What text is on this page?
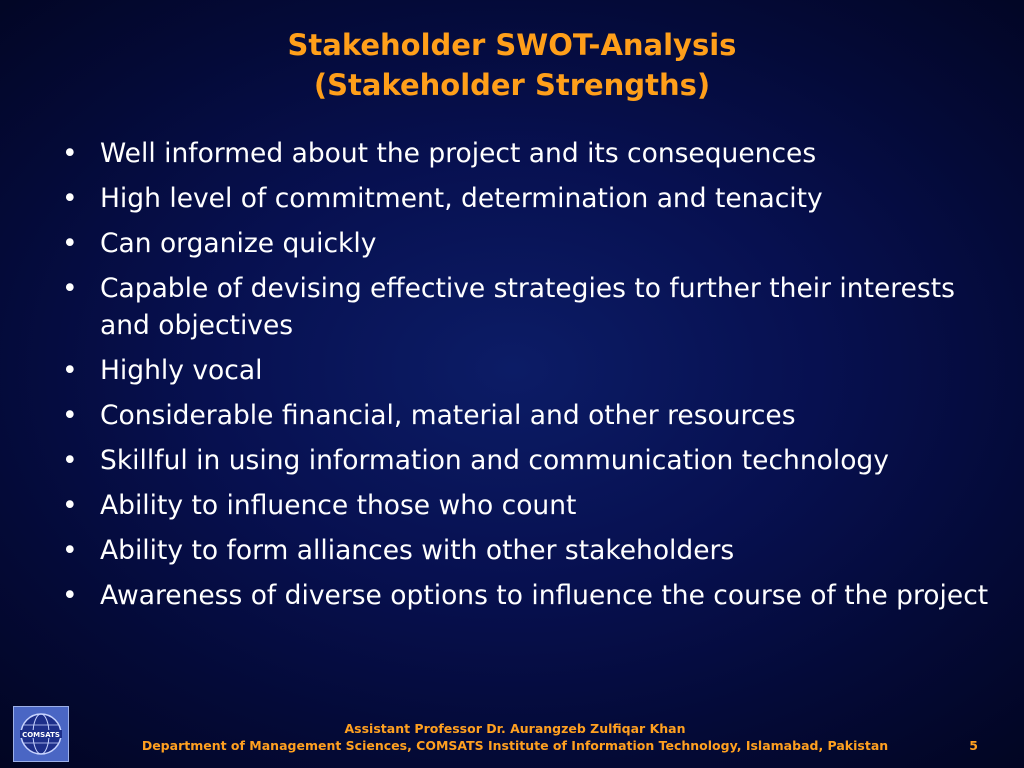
Stakeholder SWOT-Analysis
(Stakeholder Strengths)
• Well informed about the project and its consequences
• High level of commitment, determination and tenacity
• Can organize quickly
• Capable of devising effective strategies to further their interests and objectives
• Highly vocal
• Considerable financial, material and other resources
• Skillful in using information and communication technology
• Ability to influence those who count
• Ability to form alliances with other stakeholders
• Awareness of diverse options to influence the course of the project
COMSATS	Assistant Professor Dr. Aurangzeb Zulfiqar Khan
Department of Management Sciences, COMSATS Institute of Information Technology, Islamabad, Pakistan	5
